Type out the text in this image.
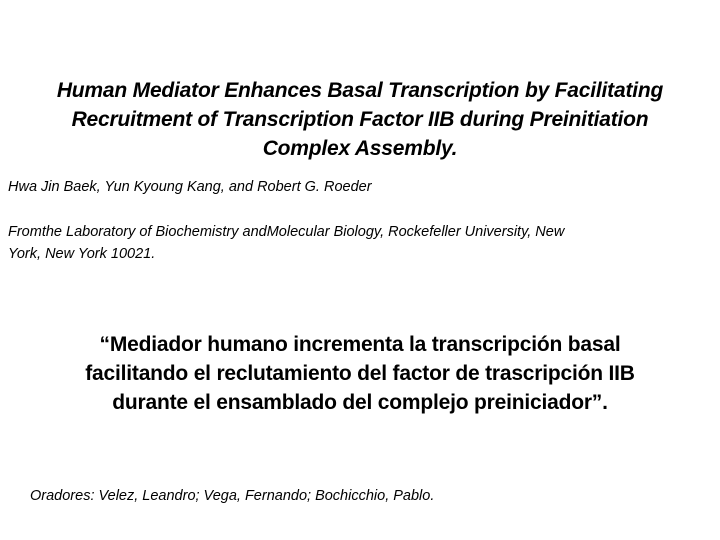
Human Mediator Enhances Basal Transcription by Facilitating
Recruitment of Transcription Factor IIB during Preinitiation
Complex Assembly.
Hwa Jin Baek, Yun Kyoung Kang, and Robert G. Roeder
Fromthe Laboratory of Biochemistry andMolecular Biology, Rockefeller University, New
York, New York 10021.
“Mediador humano incrementa la transcripción basal
facilitando el reclutamiento del factor de trascripción IIB
durante el ensamblado del complejo preiniciador”.
Oradores: Velez, Leandro; Vega, Fernando; Bochicchio, Pablo.
